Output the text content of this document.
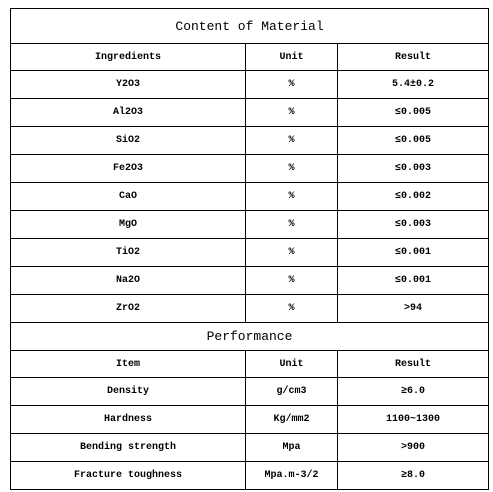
Content of Material		
Ingredients	Unit	Result
Y2O3	%	5.4±0.2
Al2O3	%	≤0.005
SiO2	%	≤0.005
Fe2O3	%	≤0.003
CaO	%	≤0.002
MgO	%	≤0.003
TiO2	%	≤0.001
Na2O	%	≤0.001
ZrO2	%	>94
Performance		
Item	Unit	Result
Density	g/cm3	≥6.0
Hardness	Kg/mm2	1100~1300
Bending strength	Mpa	>900
Fracture toughness	Mpa.m-3/2	≥8.0
